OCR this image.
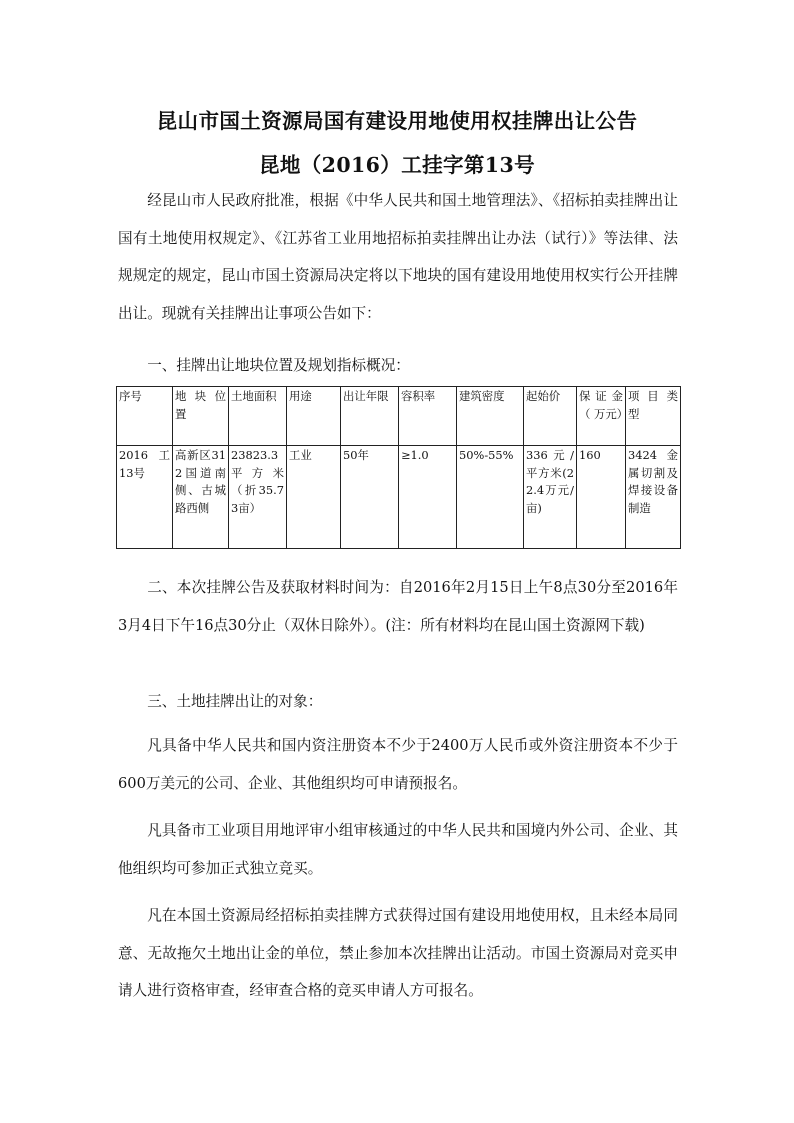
昆山市国土资源局国有建设用地使用权挂牌出让公告
昆地（2016）工挂字第13号

经昆山市人民政府批准，根据《中华人民共和国土地管理法》、《招标拍卖挂牌出让国有土地使用权规定》、《江苏省工业用地招标拍卖挂牌出让办法（试行）》等法律、法规规定的规定，昆山市国土资源局决定将以下地块的国有建设用地使用权实行公开挂牌出让。现就有关挂牌出让事项公告如下：

一、挂牌出让地块位置及规划指标概况：

序号	地 块 位置	土地面积	用途	出让年限	容积率	建筑密度	起始价	保证金（ 万元）	项 目 类型
2016 工13号	高新区312国道南侧、古城路西侧	23823.3平方米（折35.73亩）	工业	50年	≥1.0	50%-55%	336元/平方米(22.4万元/亩)	160	3424金属切割及焊接设备制造

二、本次挂牌公告及获取材料时间为：自2016年2月15日上午8点30分至2016年3月4日下午16点30分止（双休日除外）。(注：所有材料均在昆山国土资源网下载)

三、土地挂牌出让的对象：

凡具备中华人民共和国内资注册资本不少于2400万人民币或外资注册资本不少于600万美元的公司、企业、其他组织均可申请预报名。

凡具备市工业项目用地评审小组审核通过的中华人民共和国境内外公司、企业、其他组织均可参加正式独立竞买。

凡在本国土资源局经招标拍卖挂牌方式获得过国有建设用地使用权，且未经本局同意、无故拖欠土地出让金的单位，禁止参加本次挂牌出让活动。市国土资源局对竞买申请人进行资格审查，经审查合格的竞买申请人方可报名。
